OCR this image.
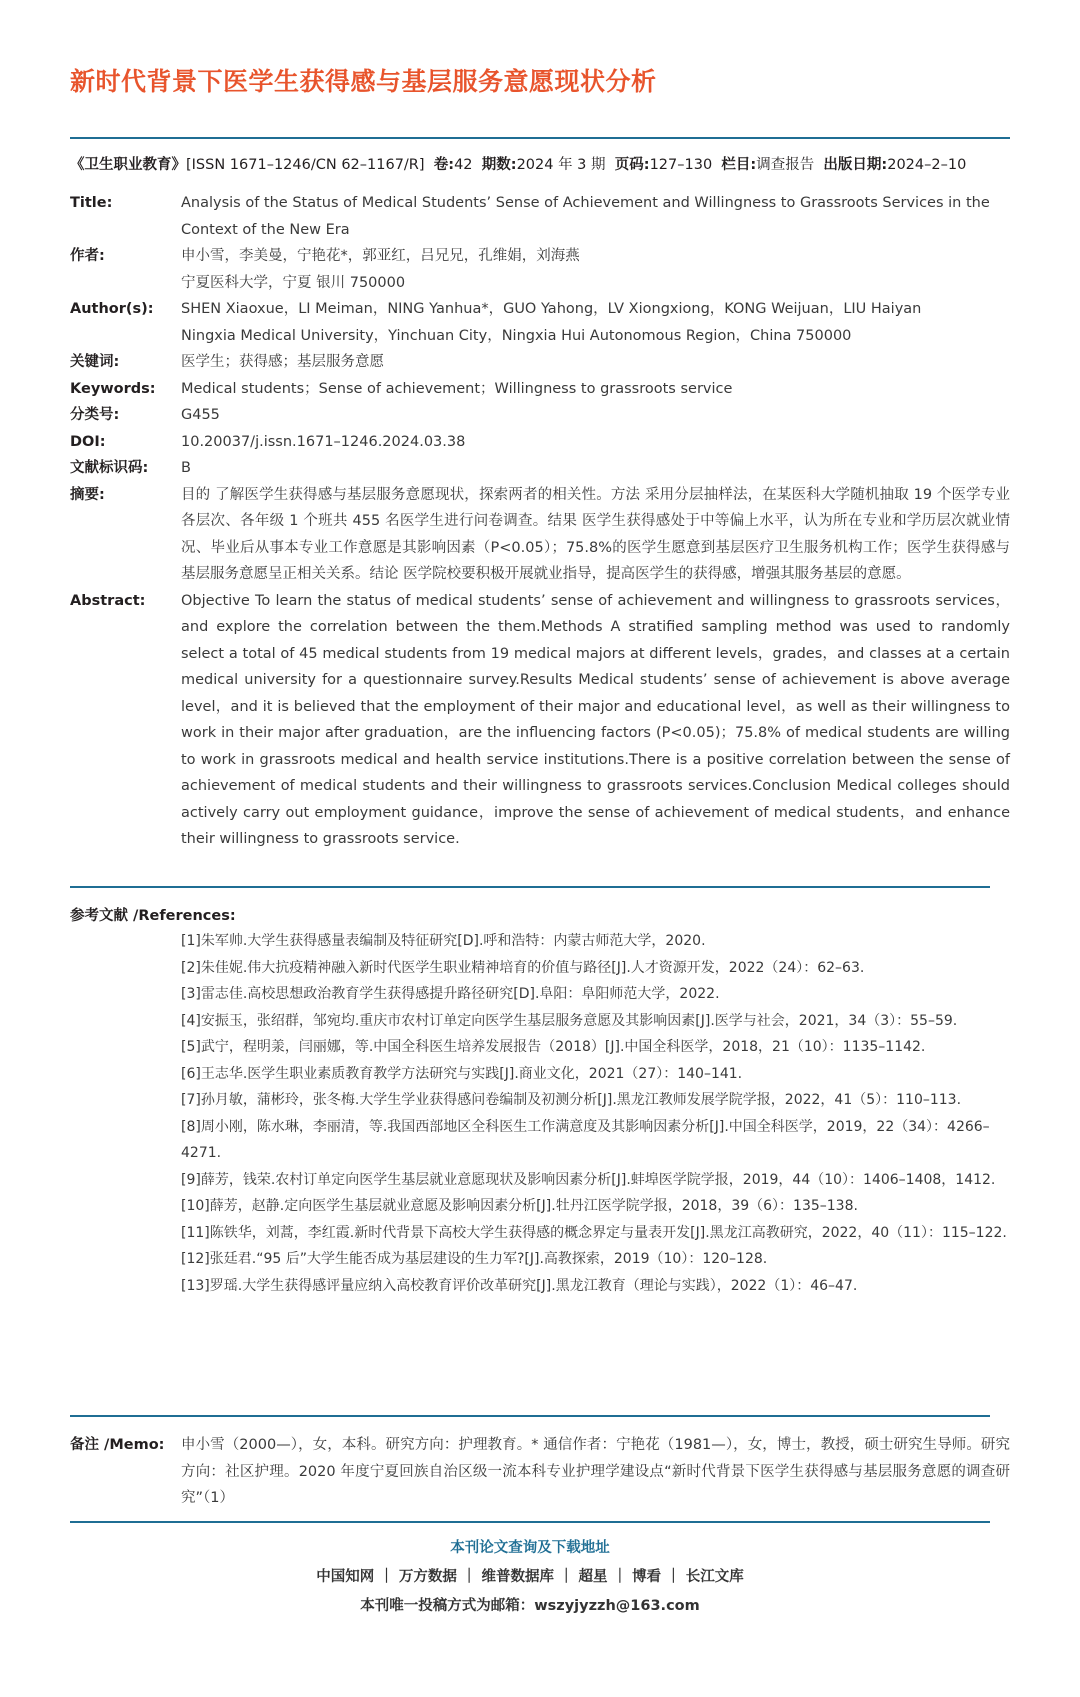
新时代背景下医学生获得感与基层服务意愿现状分析
《卫生职业教育》[ISSN 1671–1246/CN 62–1167/R] 卷:42 期数:2024 年 3 期 页码:127–130 栏目:调查报告 出版日期:2024–2–10
Title:	Analysis of the Status of Medical Students’ Sense of Achievement and Willingness to Grassroots Services in the Context of the New Era
作者:	申小雪，李美曼，宁艳花*，郭亚红，吕兄兄，孔维娟，刘海燕
宁夏医科大学，宁夏 银川 750000
Author(s):	SHEN Xiaoxue，LI Meiman，NING Yanhua*，GUO Yahong，LV Xiongxiong，KONG Weijuan，LIU Haiyan
Ningxia Medical University，Yinchuan City，Ningxia Hui Autonomous Region，China 750000
关键词:	医学生；获得感；基层服务意愿
Keywords:	Medical students；Sense of achievement；Willingness to grassroots service
分类号:	G455
DOI:	10.20037/j.issn.1671–1246.2024.03.38
文献标识码:	B
摘要:	目的 了解医学生获得感与基层服务意愿现状，探索两者的相关性。方法 采用分层抽样法，在某医科大学随机抽取 19 个医学专业各层次、各年级 1 个班共 455 名医学生进行问卷调查。结果 医学生获得感处于中等偏上水平，认为所在专业和学历层次就业情况、毕业后从事本专业工作意愿是其影响因素（P<0.05）；75.8%的医学生愿意到基层医疗卫生服务机构工作；医学生获得感与基层服务意愿呈正相关关系。结论 医学院校要积极开展就业指导，提高医学生的获得感，增强其服务基层的意愿。
Abstract:	Objective To learn the status of medical students’ sense of achievement and willingness to grassroots services，and explore the correlation between the them.Methods A stratified sampling method was used to randomly select a total of 45 medical students from 19 medical majors at different levels，grades，and classes at a certain medical university for a questionnaire survey.Results Medical students’ sense of achievement is above average level，and it is believed that the employment of their major and educational level，as well as their willingness to work in their major after graduation，are the influencing factors (P<0.05)；75.8% of medical students are willing to work in grassroots medical and health service institutions.There is a positive correlation between the sense of achievement of medical students and their willingness to grassroots services.Conclusion Medical colleges should actively carry out employment guidance，improve the sense of achievement of medical students，and enhance their willingness to grassroots service.
参考文献 /References:
[1]朱军帅.大学生获得感量表编制及特征研究[D].呼和浩特：内蒙古师范大学，2020.
[2]朱佳妮.伟大抗疫精神融入新时代医学生职业精神培育的价值与路径[J].人才资源开发，2022（24）：62–63.
[3]雷志佳.高校思想政治教育学生获得感提升路径研究[D].阜阳：阜阳师范大学，2022.
[4]安振玉，张绍群，邹宛均.重庆市农村订单定向医学生基层服务意愿及其影响因素[J].医学与社会，2021，34（3）：55–59.
[5]武宁，程明羕，闫丽娜，等.中国全科医生培养发展报告（2018）[J].中国全科医学，2018，21（10）：1135–1142.
[6]王志华.医学生职业素质教育教学方法研究与实践[J].商业文化，2021（27）：140–141.
[7]孙月敏，蒲彬玲，张冬梅.大学生学业获得感问卷编制及初测分析[J].黑龙江教师发展学院学报，2022，41（5）：110–113.
[8]周小刚，陈水琳，李丽清，等.我国西部地区全科医生工作满意度及其影响因素分析[J].中国全科医学，2019，22（34）：4266–4271.
[9]薛芳，钱荣.农村订单定向医学生基层就业意愿现状及影响因素分析[J].蚌埠医学院学报，2019，44（10）：1406–1408，1412.
[10]薛芳，赵静.定向医学生基层就业意愿及影响因素分析[J].牡丹江医学院学报，2018，39（6）：135–138.
[11]陈铁华，刘蒿，李红霞.新时代背景下高校大学生获得感的概念界定与量表开发[J].黑龙江高教研究，2022，40（11）：115–122.
[12]张廷君.“95 后”大学生能否成为基层建设的生力军?[J].高教探索，2019（10）：120–128.
[13]罗瑶.大学生获得感评量应纳入高校教育评价改革研究[J].黑龙江教育（理论与实践），2022（1）：46–47.
备注 /Memo:	申小雪（2000—），女，本科。研究方向：护理教育。* 通信作者：宁艳花（1981—），女，博士，教授，硕士研究生导师。研究方向：社区护理。2020 年度宁夏回族自治区级一流本科专业护理学建设点“新时代背景下医学生获得感与基层服务意愿的调查研究”（1）
本刊论文查询及下载地址
中国知网 ｜ 万方数据 ｜ 维普数据库 ｜ 超星 ｜ 博看 ｜ 长江文库
本刊唯一投稿方式为邮箱：wszyjyzzh@163.com
